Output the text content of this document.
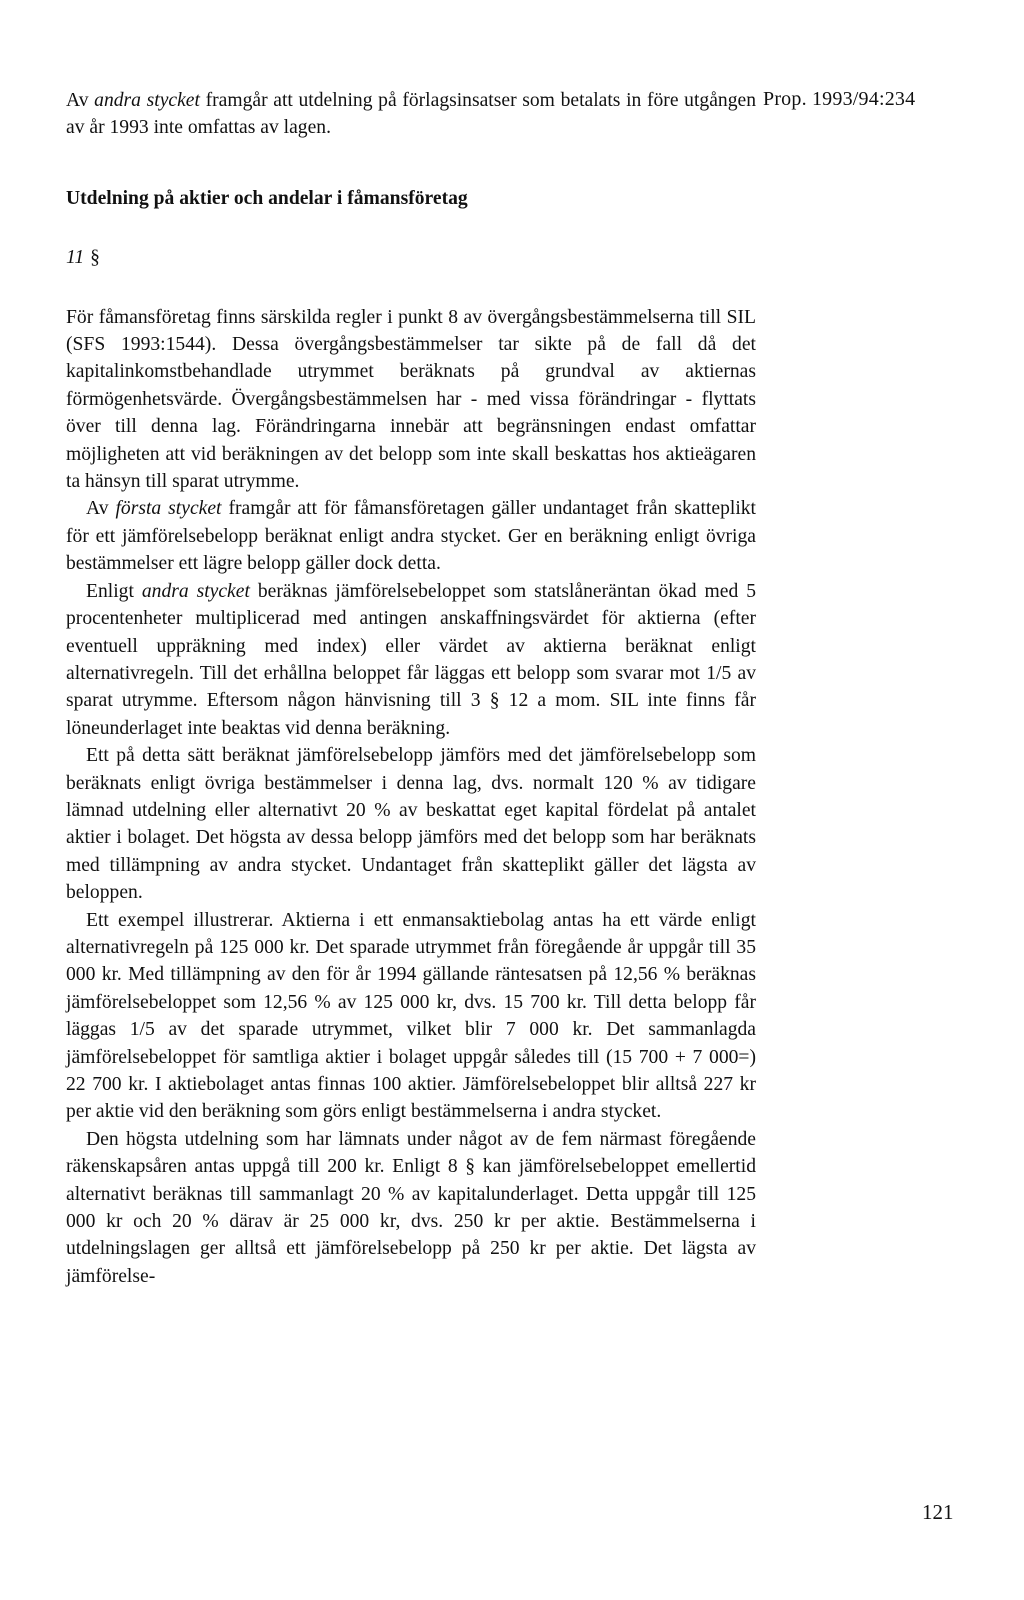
Prop. 1993/94:234

Av andra stycket framgår att utdelning på förlagsinsatser som betalats in före utgången av år 1993 inte omfattas av lagen.

Utdelning på aktier och andelar i fåmansföretag

11 §

För fåmansföretag finns särskilda regler i punkt 8 av övergångsbestämmelserna till SIL (SFS 1993:1544). Dessa övergångsbestämmelser tar sikte på de fall då det kapitalinkomstbehandlade utrymmet beräknats på grundval av aktiernas förmögenhetsvärde. Övergångsbestämmelsen har - med vissa förändringar - flyttats över till denna lag. Förändringarna innebär att begränsningen endast omfattar möjligheten att vid beräkningen av det belopp som inte skall beskattas hos aktieägaren ta hänsyn till sparat utrymme.

Av första stycket framgår att för fåmansföretagen gäller undantaget från skatteplikt för ett jämförelsebelopp beräknat enligt andra stycket. Ger en beräkning enligt övriga bestämmelser ett lägre belopp gäller dock detta.

Enligt andra stycket beräknas jämförelsebeloppet som statslåneräntan ökad med 5 procentenheter multiplicerad med antingen anskaffningsvärdet för aktierna (efter eventuell uppräkning med index) eller värdet av aktierna beräknat enligt alternativregeln. Till det erhållna beloppet får läggas ett belopp som svarar mot 1/5 av sparat utrymme. Eftersom någon hänvisning till 3 § 12 a mom. SIL inte finns får löneunderlaget inte beaktas vid denna beräkning.

Ett på detta sätt beräknat jämförelsebelopp jämförs med det jämförelsebelopp som beräknats enligt övriga bestämmelser i denna lag, dvs. normalt 120 % av tidigare lämnad utdelning eller alternativt 20 % av beskattat eget kapital fördelat på antalet aktier i bolaget. Det högsta av dessa belopp jämförs med det belopp som har beräknats med tillämpning av andra stycket. Undantaget från skatteplikt gäller det lägsta av beloppen.

Ett exempel illustrerar. Aktierna i ett enmansaktiebolag antas ha ett värde enligt alternativregeln på 125 000 kr. Det sparade utrymmet från föregående år uppgår till 35 000 kr. Med tillämpning av den för år 1994 gällande räntesatsen på 12,56 % beräknas jämförelsebeloppet som 12,56 % av 125 000 kr, dvs. 15 700 kr. Till detta belopp får läggas 1/5 av det sparade utrymmet, vilket blir 7 000 kr. Det sammanlagda jämförelsebeloppet för samtliga aktier i bolaget uppgår således till (15 700 + 7 000=) 22 700 kr. I aktiebolaget antas finnas 100 aktier. Jämförelsebeloppet blir alltså 227 kr per aktie vid den beräkning som görs enligt bestämmelserna i andra stycket.

Den högsta utdelning som har lämnats under något av de fem närmast föregående räkenskapsåren antas uppgå till 200 kr. Enligt 8 § kan jämförelsebeloppet emellertid alternativt beräknas till sammanlagt 20 % av kapitalunderlaget. Detta uppgår till 125 000 kr och 20 % därav är 25 000 kr, dvs. 250 kr per aktie. Bestämmelserna i utdelningslagen ger alltså ett jämförelsebelopp på 250 kr per aktie. Det lägsta av jämförelse-

121
